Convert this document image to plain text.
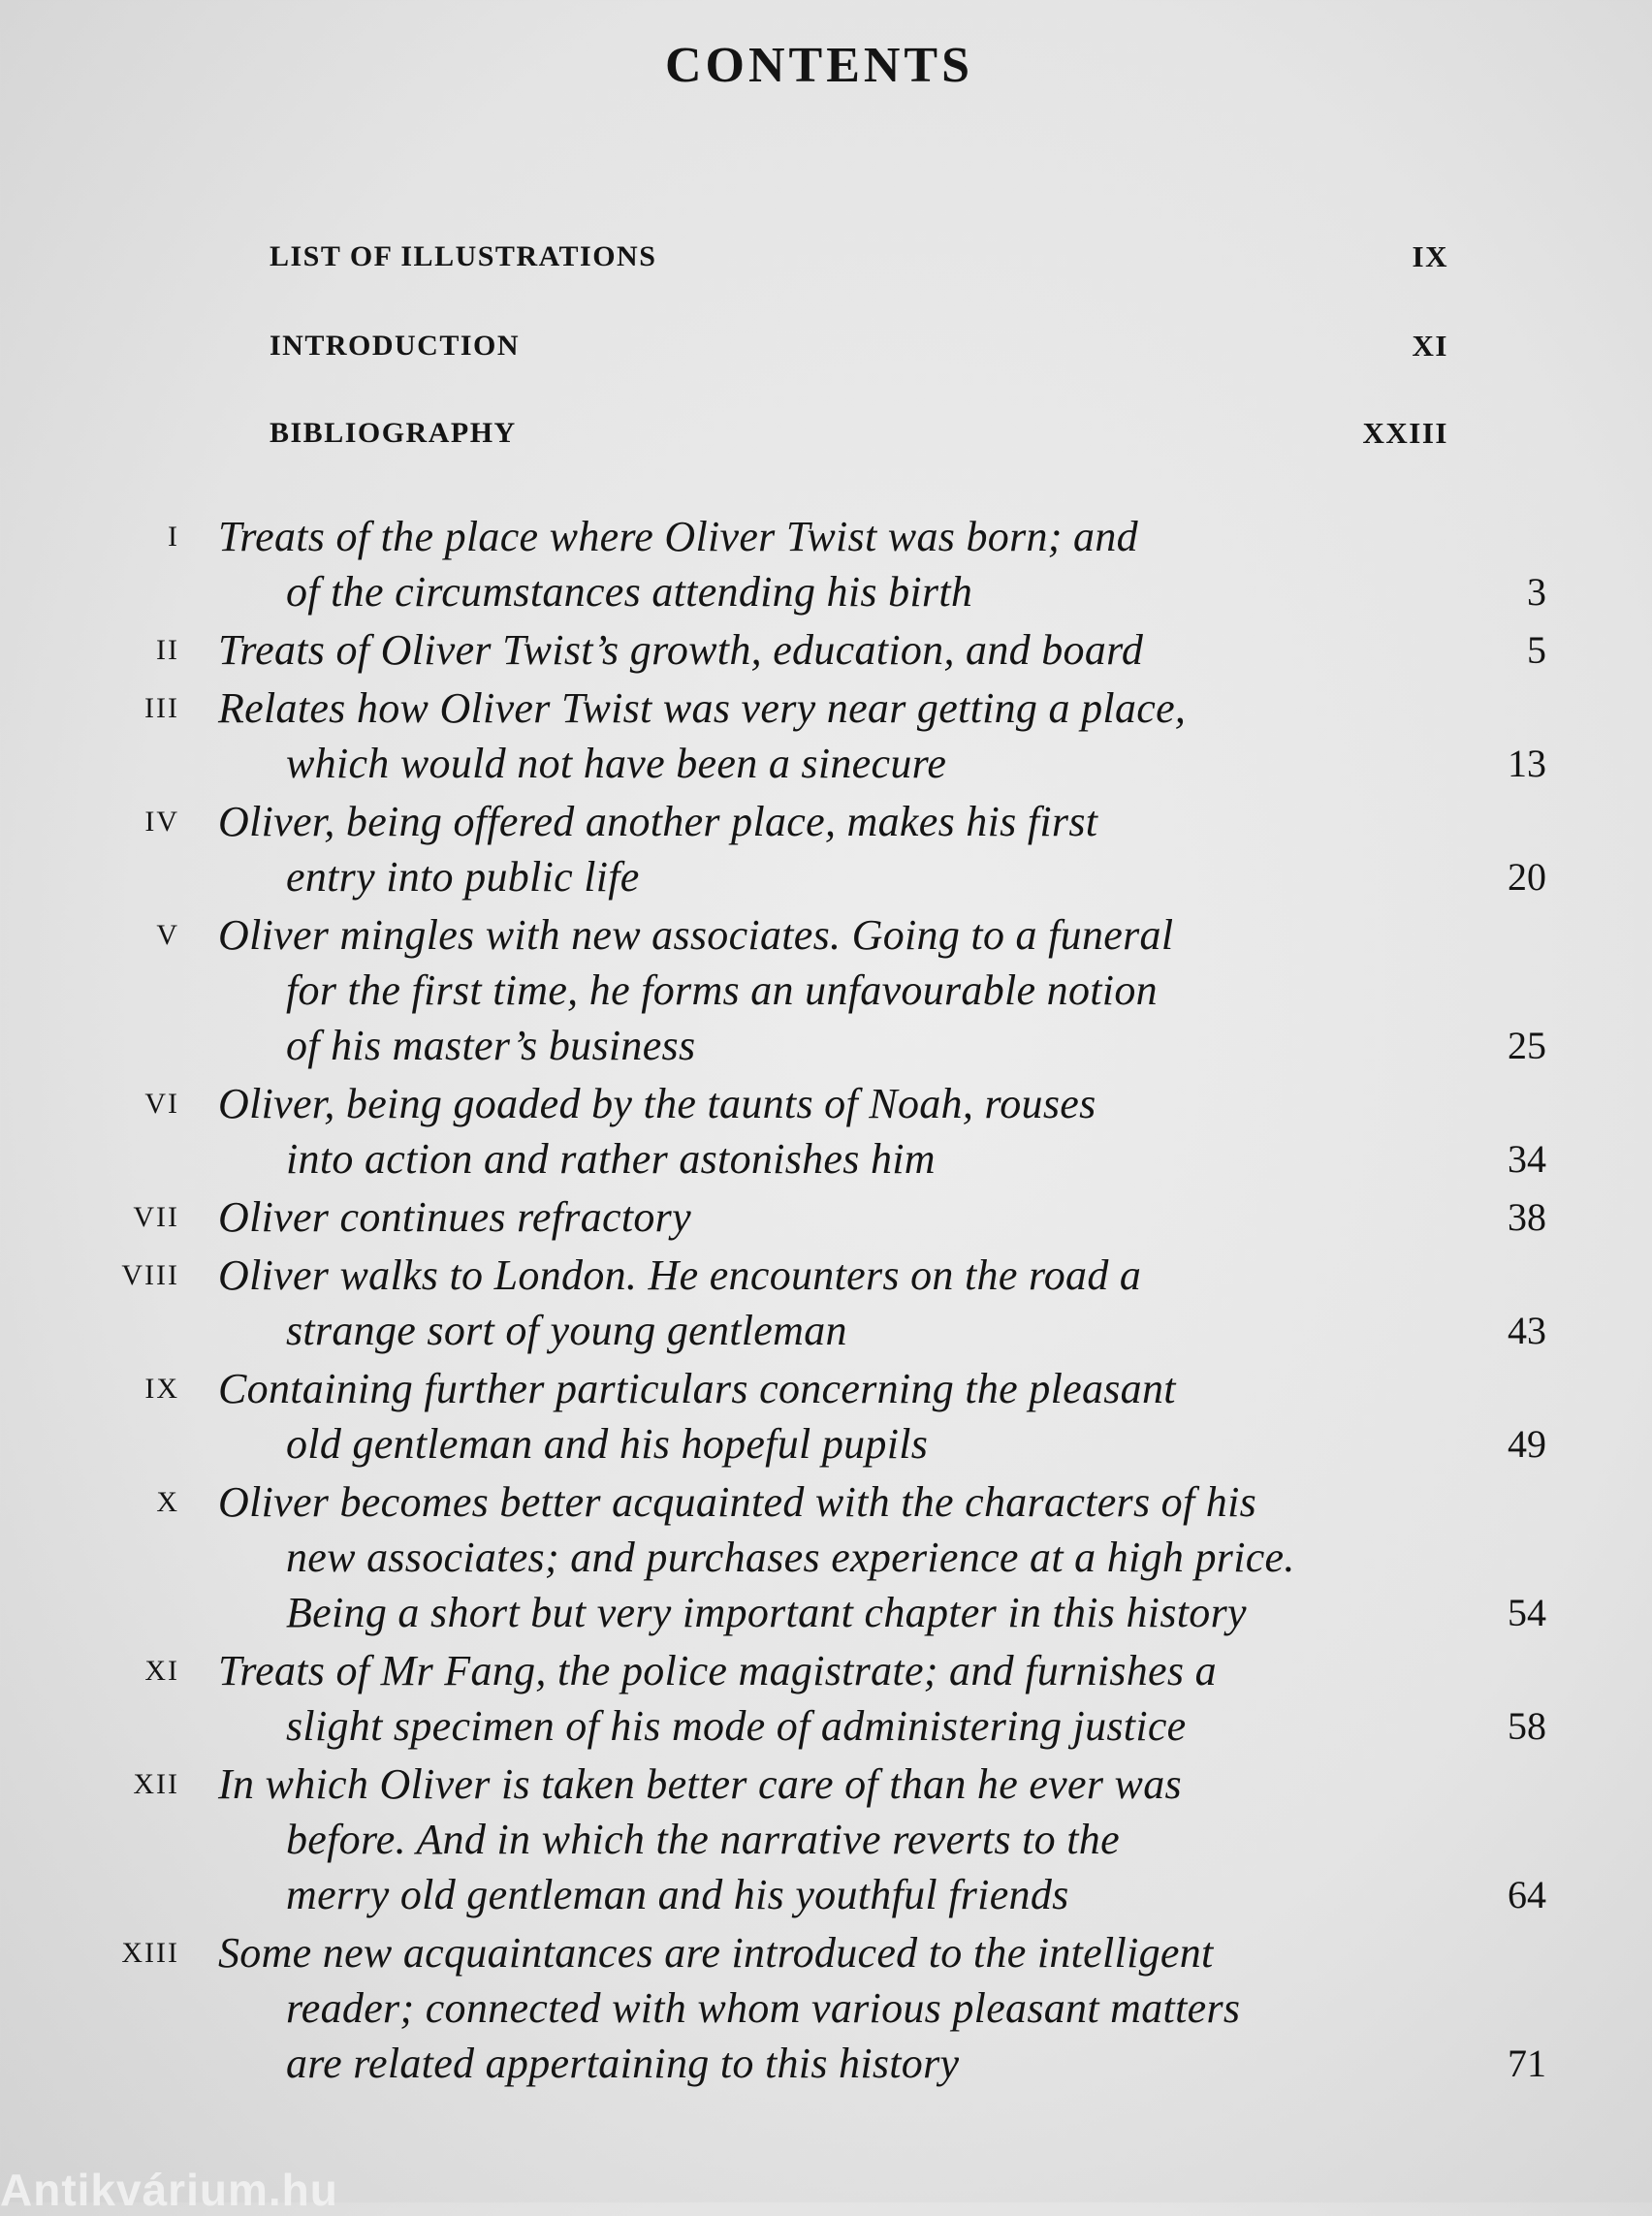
CONTENTS
LIST OF ILLUSTRATIONS	IX
INTRODUCTION	XI
BIBLIOGRAPHY	XXIII
I Treats of the place where Oliver Twist was born; and
of the circumstances attending his birth	3
II Treats of Oliver Twist’s growth, education, and board	5
III Relates how Oliver Twist was very near getting a place,
which would not have been a sinecure	13
IV Oliver, being offered another place, makes his first
entry into public life	20
V Oliver mingles with new associates. Going to a funeral
for the first time, he forms an unfavourable notion
of his master’s business	25
VI Oliver, being goaded by the taunts of Noah, rouses
into action and rather astonishes him	34
VII Oliver continues refractory	38
VIII Oliver walks to London. He encounters on the road a
strange sort of young gentleman	43
IX Containing further particulars concerning the pleasant
old gentleman and his hopeful pupils	49
X Oliver becomes better acquainted with the characters of his
new associates; and purchases experience at a high price.
Being a short but very important chapter in this history	54
XI Treats of Mr Fang, the police magistrate; and furnishes a
slight specimen of his mode of administering justice	58
XII In which Oliver is taken better care of than he ever was
before. And in which the narrative reverts to the
merry old gentleman and his youthful friends	64
XIII Some new acquaintances are introduced to the intelligent
reader; connected with whom various pleasant matters
are related appertaining to this history	71
Antikvárium.hu
